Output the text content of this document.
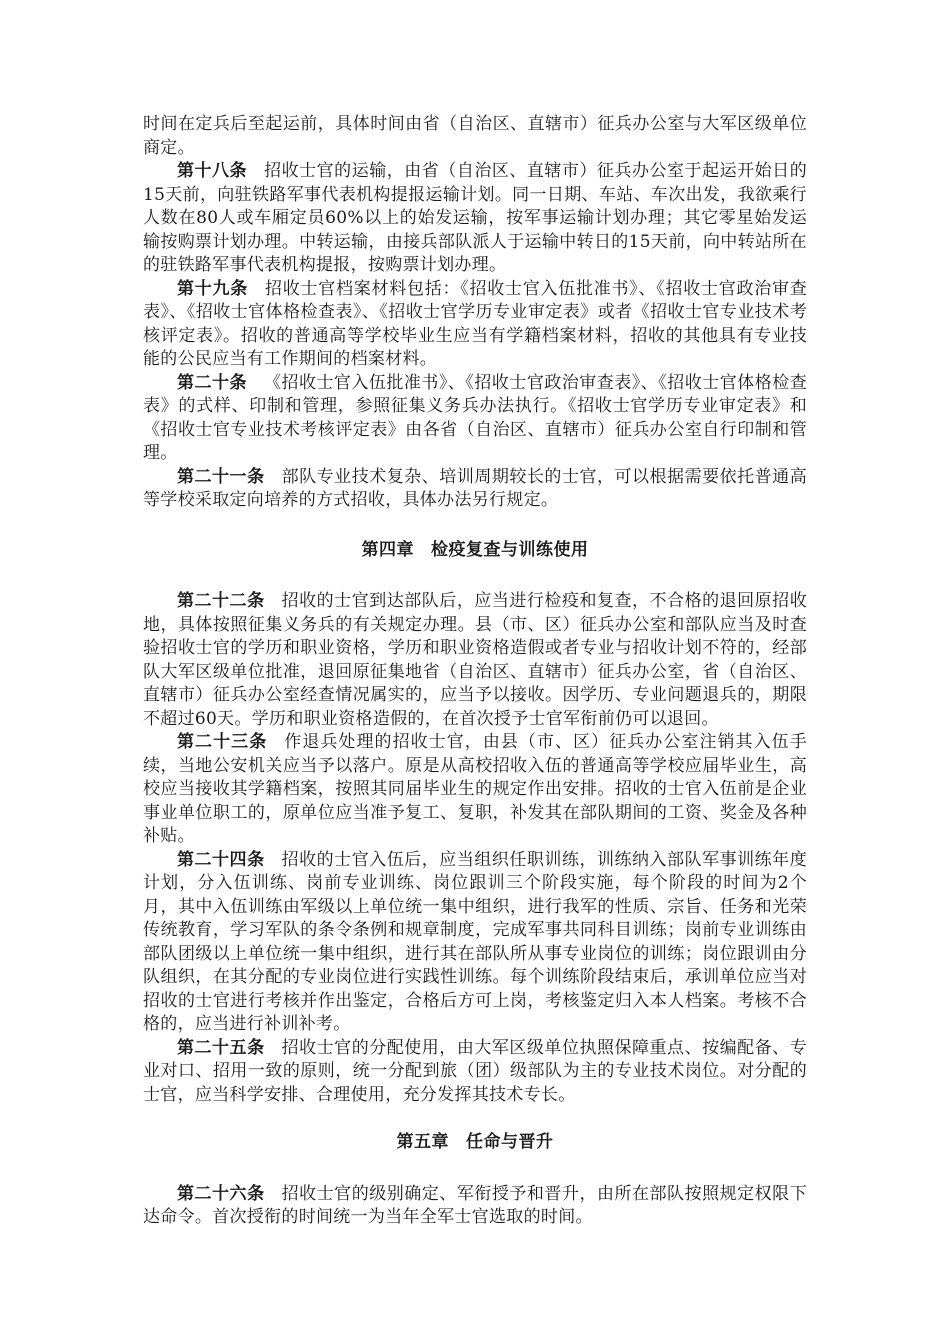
时间在定兵后至起运前，具体时间由省（自治区、直辖市）征兵办公室与大军区级单位商定。

第十八条 招收士官的运输，由省（自治区、直辖市）征兵办公室于起运开始日的15天前，向驻铁路军事代表机构提报运输计划。同一日期、车站、车次出发，我欲乘行人数在80人或车厢定员60%以上的始发运输，按军事运输计划办理；其它零星始发运输按购票计划办理。中转运输，由接兵部队派人于运输中转日的15天前，向中转站所在的驻铁路军事代表机构提报，按购票计划办理。

第十九条 招收士官档案材料包括：《招收士官入伍批准书》、《招收士官政治审查表》、《招收士官体格检查表》、《招收士官学历专业审定表》或者《招收士官专业技术考核评定表》。招收的普通高等学校毕业生应当有学籍档案材料，招收的其他具有专业技能的公民应当有工作期间的档案材料。

第二十条 《招收士官入伍批准书》、《招收士官政治审查表》、《招收士官体格检查表》的式样、印制和管理，参照征集义务兵办法执行。《招收士官学历专业审定表》和《招收士官专业技术考核评定表》由各省（自治区、直辖市）征兵办公室自行印制和管理。

第二十一条 部队专业技术复杂、培训周期较长的士官，可以根据需要依托普通高等学校采取定向培养的方式招收，具体办法另行规定。

第四章 检疫复查与训练使用

第二十二条 招收的士官到达部队后，应当进行检疫和复查，不合格的退回原招收地，具体按照征集义务兵的有关规定办理。县（市、区）征兵办公室和部队应当及时查验招收士官的学历和职业资格，学历和职业资格造假或者专业与招收计划不符的，经部队大军区级单位批准，退回原征集地省（自治区、直辖市）征兵办公室，省（自治区、直辖市）征兵办公室经查情况属实的，应当予以接收。因学历、专业问题退兵的，期限不超过60天。学历和职业资格造假的，在首次授予士官军衔前仍可以退回。

第二十三条 作退兵处理的招收士官，由县（市、区）征兵办公室注销其入伍手续，当地公安机关应当予以落户。原是从高校招收入伍的普通高等学校应届毕业生，高校应当接收其学籍档案，按照其同届毕业生的规定作出安排。招收的士官入伍前是企业事业单位职工的，原单位应当准予复工、复职，补发其在部队期间的工资、奖金及各种补贴。

第二十四条 招收的士官入伍后，应当组织任职训练，训练纳入部队军事训练年度计划，分入伍训练、岗前专业训练、岗位跟训三个阶段实施，每个阶段的时间为2个月，其中入伍训练由军级以上单位统一集中组织，进行我军的性质、宗旨、任务和光荣传统教育，学习军队的条令条例和规章制度，完成军事共同科目训练；岗前专业训练由部队团级以上单位统一集中组织，进行其在部队所从事专业岗位的训练；岗位跟训由分队组织，在其分配的专业岗位进行实践性训练。每个训练阶段结束后，承训单位应当对招收的士官进行考核并作出鉴定，合格后方可上岗，考核鉴定归入本人档案。考核不合格的，应当进行补训补考。

第二十五条 招收士官的分配使用，由大军区级单位执照保障重点、按编配备、专业对口、招用一致的原则，统一分配到旅（团）级部队为主的专业技术岗位。对分配的士官，应当科学安排、合理使用，充分发挥其技术专长。

第五章 任命与晋升

第二十六条 招收士官的级别确定、军衔授予和晋升，由所在部队按照规定权限下达命令。首次授衔的时间统一为当年全军士官选取的时间。
